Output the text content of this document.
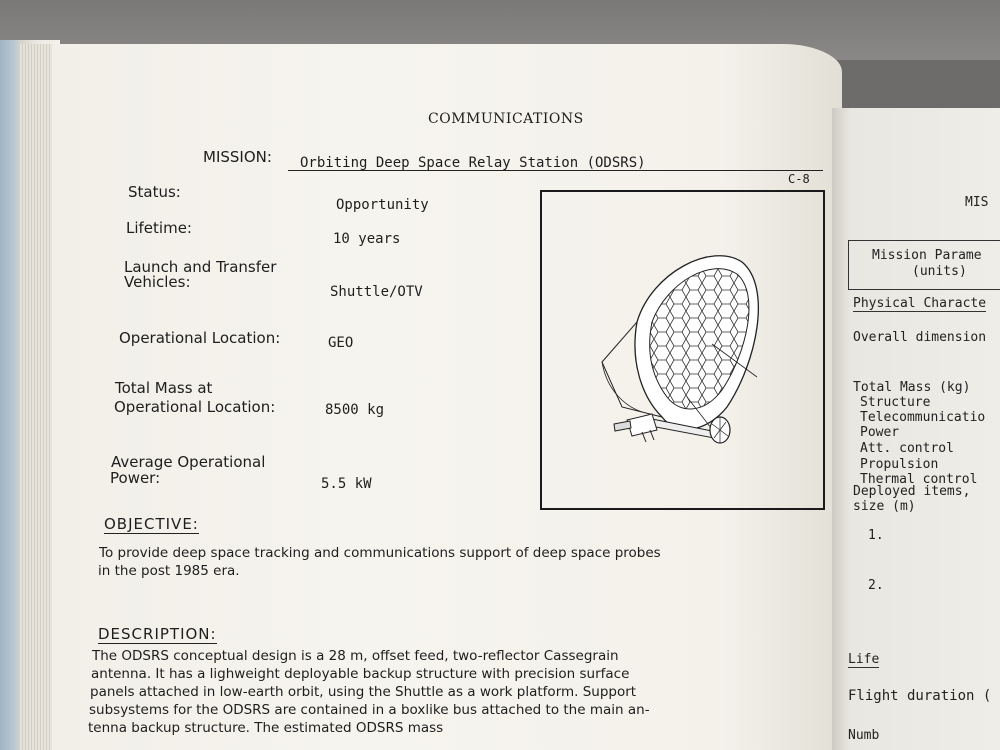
COMMUNICATIONS
MISSION: Orbiting Deep Space Relay Station (ODSRS)
C-8
Status:
Opportunity
Lifetime:
10 years
Launch and Transfer
Vehicles:
Shuttle/OTV
Operational Location:	GEO
Total Mass at
Operational Location:	8500 kg
Average Operational
Power:	5.5 kW
OBJECTIVE:
To provide deep space tracking and communications support of deep space probes
in the post 1985 era.
DESCRIPTION:
The ODSRS conceptual design is a 28 m, offset feed, two-reflector Cassegrain
antenna. It has a lighweight deployable backup structure with precision surface
panels attached in low-earth orbit, using the Shuttle as a work platform. Support
subsystems for the ODSRS are contained in a boxlike bus attached to the main an-
tenna backup structure. The estimated ODSRS mass
MIS
Mission Parame
(units)
Physical Characte
Overall dimension
Total Mass (kg)
Structure
Telecommunicatio
Power
Att. control
Propulsion
Thermal control
Deployed items,
size (m)
1.
2.
Life
Flight duration (
Numb
